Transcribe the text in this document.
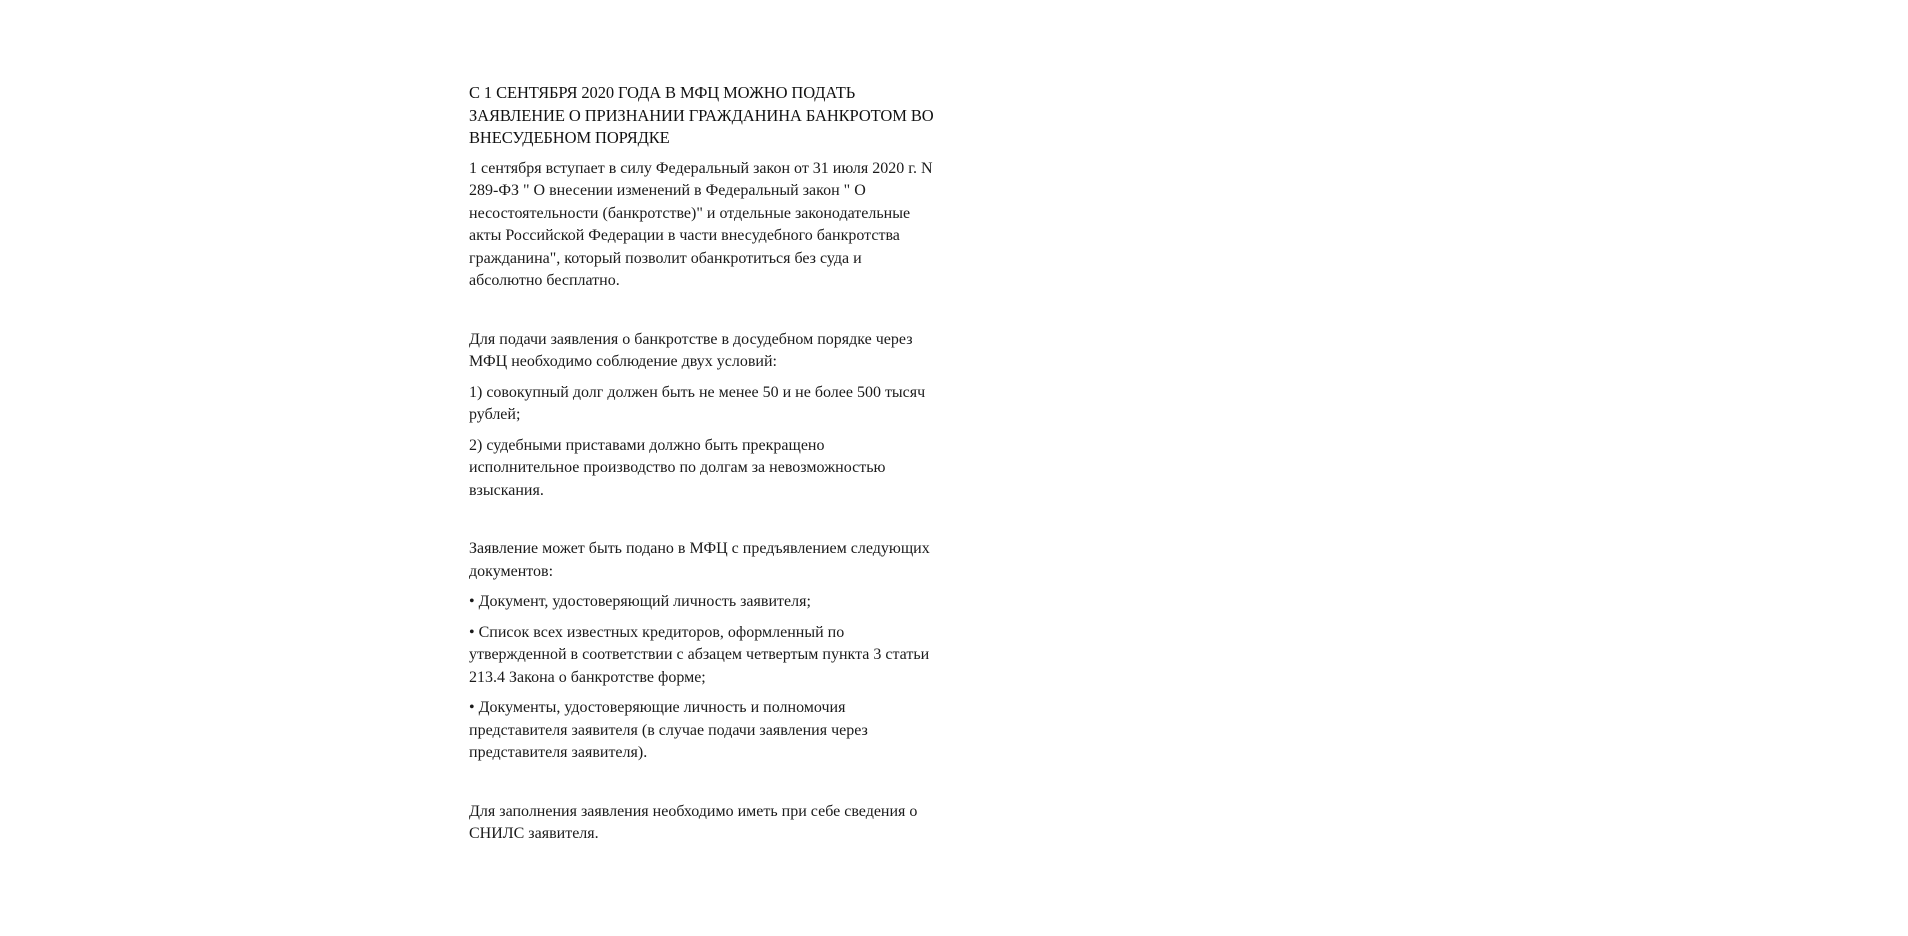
С 1 СЕНТЯБРЯ 2020 ГОДА В МФЦ МОЖНО ПОДАТЬ
ЗАЯВЛЕНИЕ О ПРИЗНАНИИ ГРАЖДАНИНА БАНКРОТОМ ВО
ВНЕСУДЕБНОМ ПОРЯДКЕ

1 сентября вступает в силу Федеральный закон от 31 июля 2020 г. N
289-ФЗ " О внесении изменений в Федеральный закон " О
несостоятельности (банкротстве)" и отдельные законодательные
акты Российской Федерации в части внесудебного банкротства
гражданина", который позволит обанкротиться без суда и
абсолютно бесплатно.

Для подачи заявления о банкротстве в досудебном порядке через
МФЦ необходимо соблюдение двух условий:

1) совокупный долг должен быть не менее 50 и не более 500 тысяч
рублей;

2) судебными приставами должно быть прекращено
исполнительное производство по долгам за невозможностью
взыскания.

Заявление может быть подано в МФЦ с предъявлением следующих
документов:

• Документ, удостоверяющий личность заявителя;

• Список всех известных кредиторов, оформленный по
утвержденной в соответствии с абзацем четвертым пункта 3 статьи
213.4 Закона о банкротстве форме;

• Документы, удостоверяющие личность и полномочия
представителя заявителя (в случае подачи заявления через
представителя заявителя).

Для заполнения заявления необходимо иметь при себе сведения о
СНИЛС заявителя.
